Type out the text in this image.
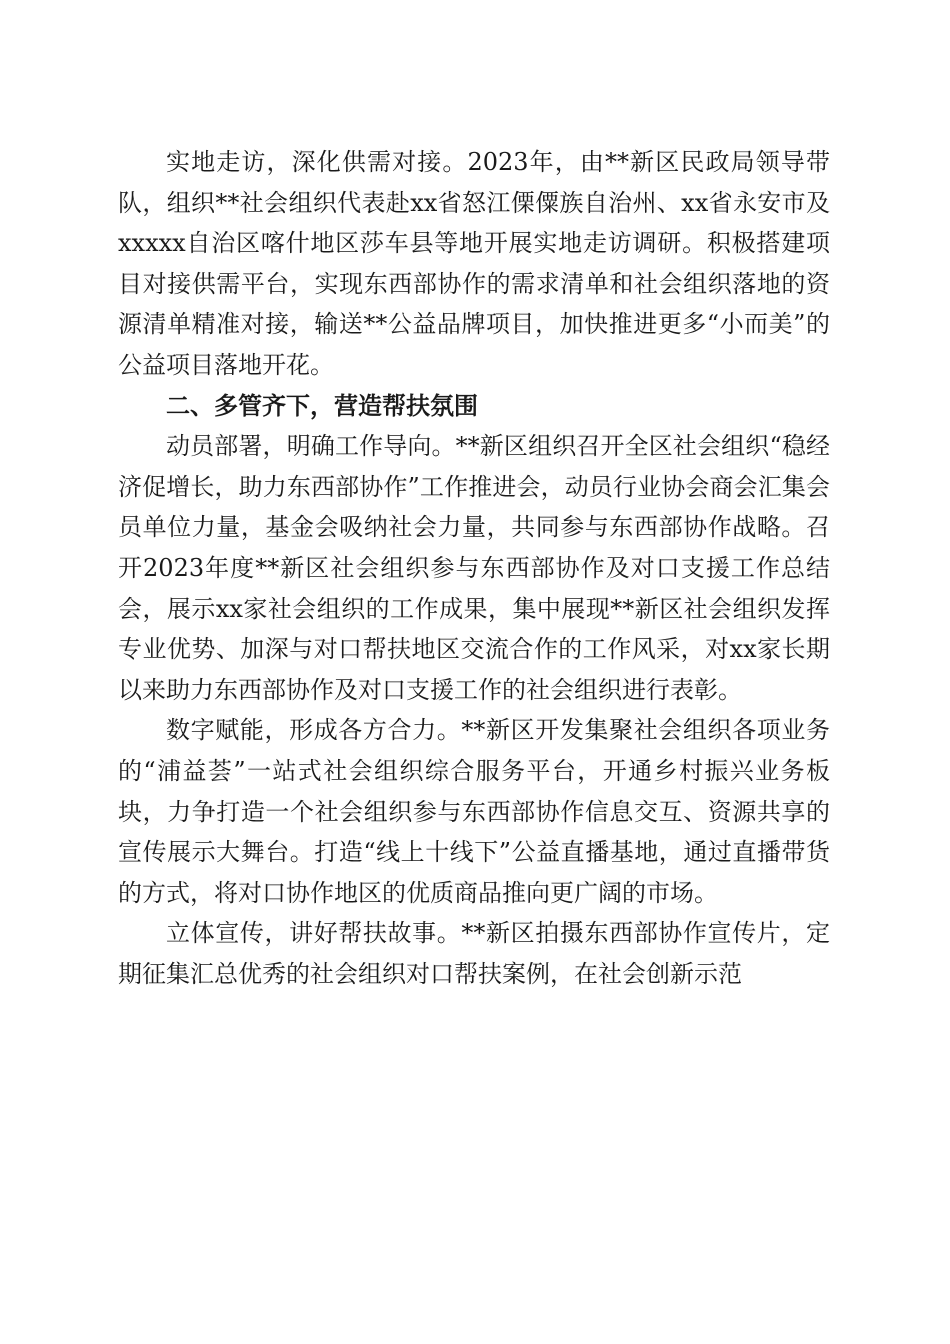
实地走访，深化供需对接。2023年，由**新区民政局领导带队，组织**社会组织代表赴xx省怒江傈僳族自治州、xx省永安市及xxxxx自治区喀什地区莎车县等地开展实地走访调研。积极搭建项目对接供需平台，实现东西部协作的需求清单和社会组织落地的资源清单精准对接，输送**公益品牌项目，加快推进更多“小而美”的公益项目落地开花。

二、多管齐下，营造帮扶氛围

动员部署，明确工作导向。**新区组织召开全区社会组织“稳经济促增长，助力东西部协作”工作推进会，动员行业协会商会汇集会员单位力量，基金会吸纳社会力量，共同参与东西部协作战略。召开2023年度**新区社会组织参与东西部协作及对口支援工作总结会，展示xx家社会组织的工作成果，集中展现**新区社会组织发挥专业优势、加深与对口帮扶地区交流合作的工作风采，对xx家长期以来助力东西部协作及对口支援工作的社会组织进行表彰。

数字赋能，形成各方合力。**新区开发集聚社会组织各项业务的“浦益荟”一站式社会组织综合服务平台，开通乡村振兴业务板块，力争打造一个社会组织参与东西部协作信息交互、资源共享的宣传展示大舞台。打造“线上十线下”公益直播基地，通过直播带货的方式，将对口协作地区的优质商品推向更广阔的市场。

立体宣传，讲好帮扶故事。**新区拍摄东西部协作宣传片，定期征集汇总优秀的社会组织对口帮扶案例，在社会创新示范
